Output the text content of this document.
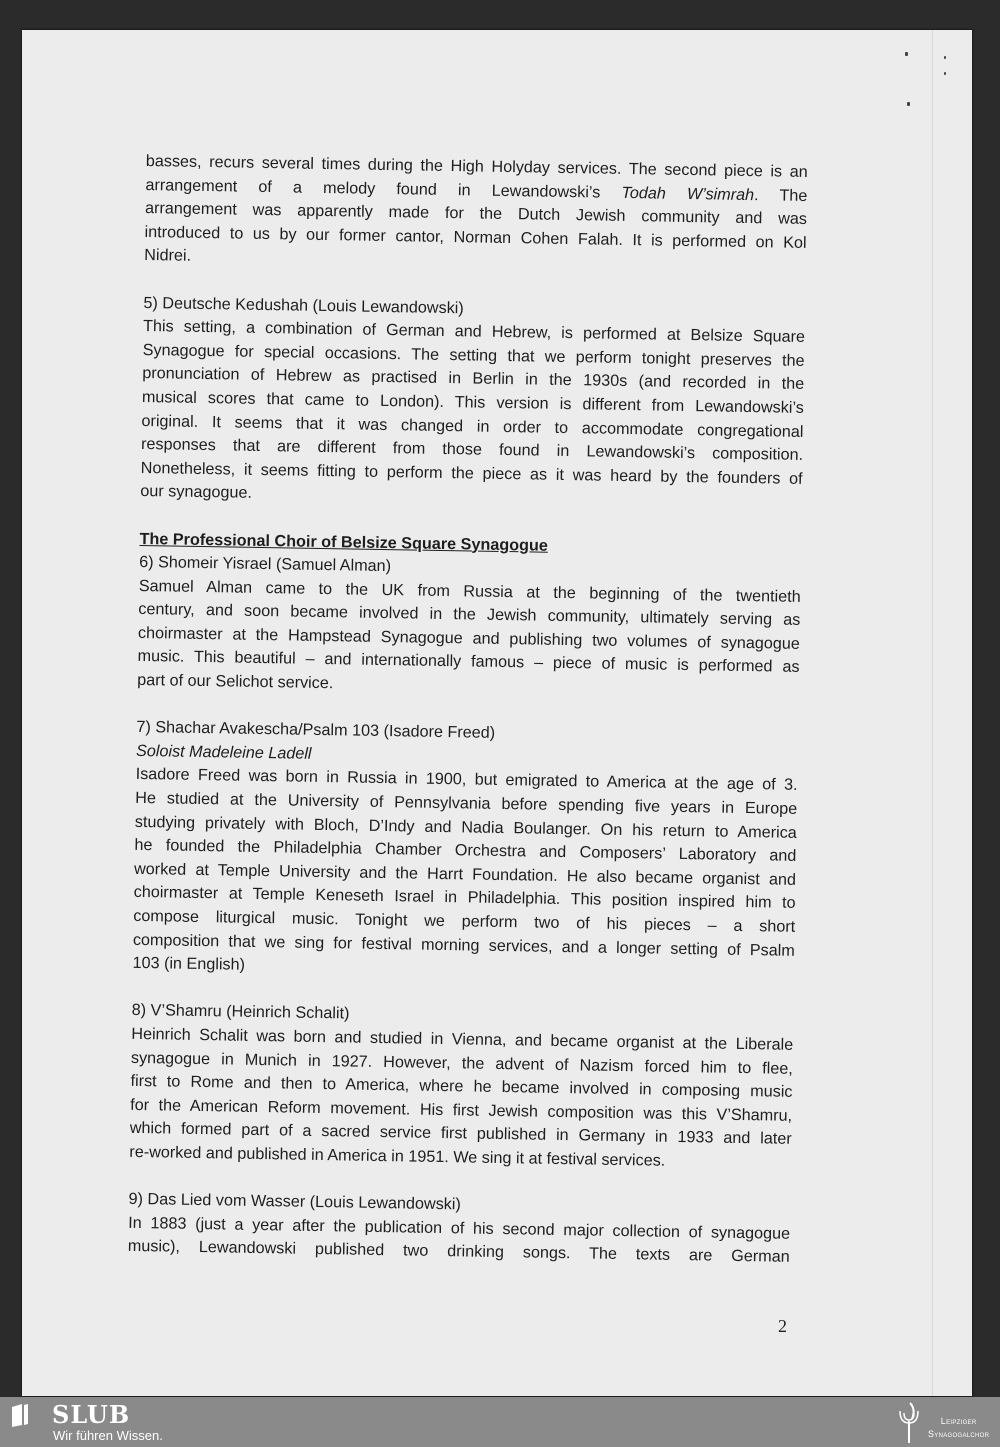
basses, recurs several times during the High Holyday services. The second piece is an
arrangement of a melody found in Lewandowski’s Todah W’simrah. The
arrangement was apparently made for the Dutch Jewish community and was
introduced to us by our former cantor, Norman Cohen Falah. It is performed on Kol
Nidrei.
5) Deutsche Kedushah (Louis Lewandowski)
This setting, a combination of German and Hebrew, is performed at Belsize Square
Synagogue for special occasions. The setting that we perform tonight preserves the
pronunciation of Hebrew as practised in Berlin in the 1930s (and recorded in the
musical scores that came to London). This version is different from Lewandowski’s
original. It seems that it was changed in order to accommodate congregational
responses that are different from those found in Lewandowski’s composition.
Nonetheless, it seems fitting to perform the piece as it was heard by the founders of
our synagogue.
The Professional Choir of Belsize Square Synagogue
6) Shomeir Yisrael (Samuel Alman)
Samuel Alman came to the UK from Russia at the beginning of the twentieth
century, and soon became involved in the Jewish community, ultimately serving as
choirmaster at the Hampstead Synagogue and publishing two volumes of synagogue
music. This beautiful – and internationally famous – piece of music is performed as
part of our Selichot service.
7) Shachar Avakescha/Psalm 103 (Isadore Freed)
Soloist Madeleine Ladell
Isadore Freed was born in Russia in 1900, but emigrated to America at the age of 3.
He studied at the University of Pennsylvania before spending five years in Europe
studying privately with Bloch, D’Indy and Nadia Boulanger. On his return to America
he founded the Philadelphia Chamber Orchestra and Composers’ Laboratory and
worked at Temple University and the Harrt Foundation. He also became organist and
choirmaster at Temple Keneseth Israel in Philadelphia. This position inspired him to
compose liturgical music. Tonight we perform two of his pieces – a short
composition that we sing for festival morning services, and a longer setting of Psalm
103 (in English)
8) V’Shamru (Heinrich Schalit)
Heinrich Schalit was born and studied in Vienna, and became organist at the Liberale
synagogue in Munich in 1927. However, the advent of Nazism forced him to flee,
first to Rome and then to America, where he became involved in composing music
for the American Reform movement. His first Jewish composition was this V’Shamru,
which formed part of a sacred service first published in Germany in 1933 and later
re-worked and published in America in 1951. We sing it at festival services.
9) Das Lied vom Wasser (Louis Lewandowski)
In 1883 (just a year after the publication of his second major collection of synagogue
music), Lewandowski published two drinking songs. The texts are German
2
SLUB
Wir führen Wissen.
Leipziger
Synagogalchor
